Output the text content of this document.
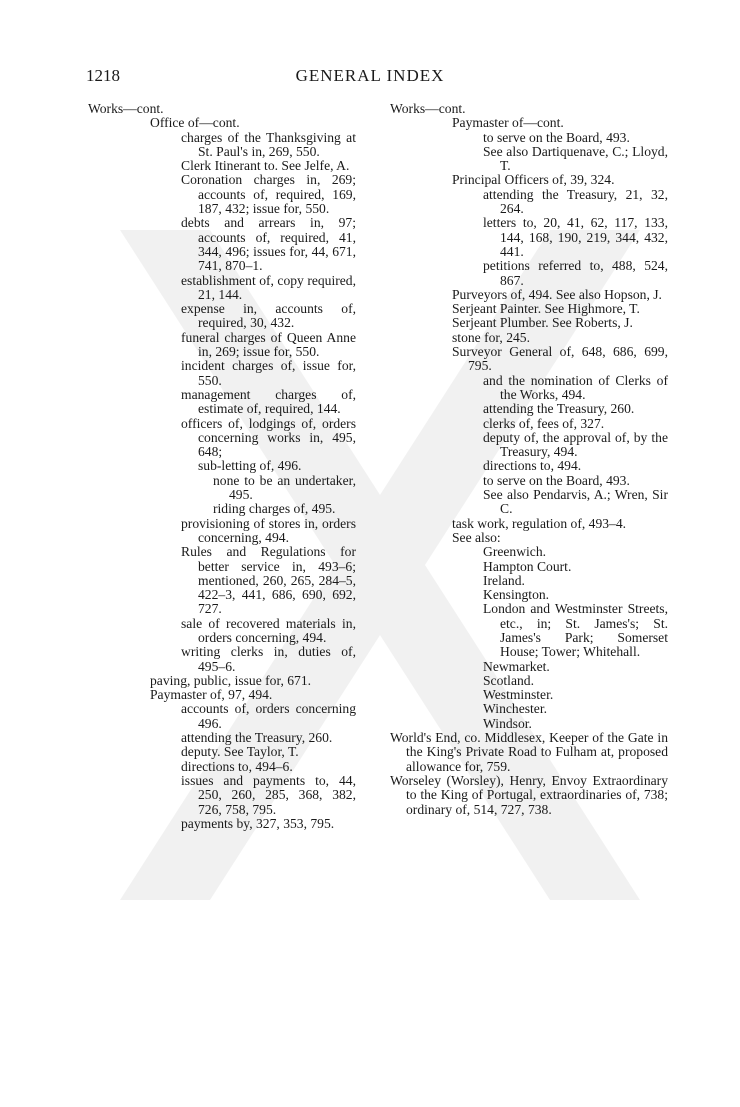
1218	GENERAL INDEX
Works—cont.
Office of—cont.
charges of the Thanksgiving at St. Paul's in, 269, 550.
Clerk Itinerant to. See Jelfe, A.
Coronation charges in, 269; accounts of, required, 169, 187, 432; issue for, 550.
debts and arrears in, 97; accounts of, required, 41, 344, 496; issues for, 44, 671, 741, 870–1.
establishment of, copy required, 21, 144.
expense in, accounts of, required, 30, 432.
funeral charges of Queen Anne in, 269; issue for, 550.
incident charges of, issue for, 550.
management charges of, estimate of, required, 144.
officers of, lodgings of, orders concerning works in, 495, 648;
sub-letting of, 496.
none to be an undertaker, 495.
riding charges of, 495.
provisioning of stores in, orders concerning, 494.
Rules and Regulations for better service in, 493–6; mentioned, 260, 265, 284–5, 422–3, 441, 686, 690, 692, 727.
sale of recovered materials in, orders concerning, 494.
writing clerks in, duties of, 495–6.
paving, public, issue for, 671.
Paymaster of, 97, 494.
accounts of, orders concerning 496.
attending the Treasury, 260.
deputy. See Taylor, T.
directions to, 494–6.
issues and payments to, 44, 250, 260, 285, 368, 382, 726, 758, 795.
payments by, 327, 353, 795.
Works—cont.
Paymaster of—cont.
to serve on the Board, 493.
See also Dartiquenave, C.; Lloyd, T.
Principal Officers of, 39, 324.
attending the Treasury, 21, 32, 264.
letters to, 20, 41, 62, 117, 133, 144, 168, 190, 219, 344, 432, 441.
petitions referred to, 488, 524, 867.
Purveyors of, 494. See also Hopson, J.
Serjeant Painter. See Highmore, T.
Serjeant Plumber. See Roberts, J.
stone for, 245.
Surveyor General of, 648, 686, 699, 795.
and the nomination of Clerks of the Works, 494.
attending the Treasury, 260.
clerks of, fees of, 327.
deputy of, the approval of, by the Treasury, 494.
directions to, 494.
to serve on the Board, 493.
See also Pendarvis, A.; Wren, Sir C.
task work, regulation of, 493–4.
See also:
Greenwich.
Hampton Court.
Ireland.
Kensington.
London and Westminster Streets, etc., in; St. James's; St. James's Park; Somerset House; Tower; Whitehall.
Newmarket.
Scotland.
Westminster.
Winchester.
Windsor.
World's End, co. Middlesex, Keeper of the Gate in the King's Private Road to Fulham at, proposed allowance for, 759.
Worseley (Worsley), Henry, Envoy Extraordinary to the King of Portugal, extraordinaries of, 738; ordinary of, 514, 727, 738.
